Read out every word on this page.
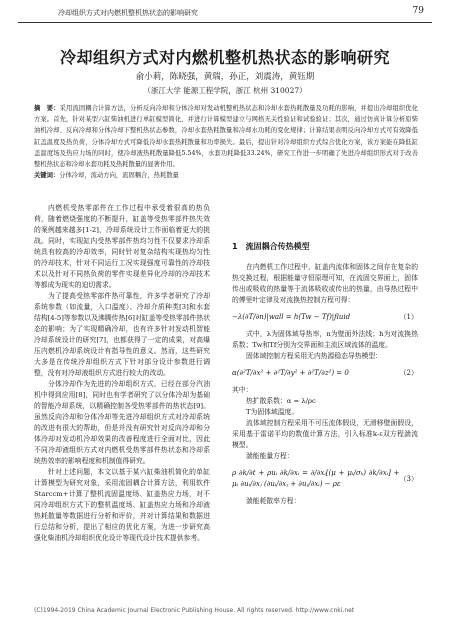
冷却组织方式对内燃机整机热状态的影响研究	79
冷却组织方式对内燃机整机热状态的影响研究
俞小莉，陈晓强，黄瑞，孙正，刘震涛，黄钰期
（浙江大学 能源工程学院，浙江 杭州 310027）
摘　要：采用流固耦合计算方法，分析反向冷却和分体冷却对发动机整机热状态和冷却水套热耗散量及功耗的影响，并提出冷却组织优化方案。首先，针对某型六缸柴油机进行单缸模型简化，并进行计算模型建立与网格无关性验证和试验验证；其次，通过仿真计算分析原柴油机冷却、反向冷却和分体冷却下整机热状态参数，冷却水套热耗散量和冷却水功耗的变化规律；计算结果表明反向冷却方式可有效降低缸盖温度及热负荷，分体冷却方式可降低冷却水套热耗散量和功率损失。最后，提出针对冷却组织方式综合优化方案，该方案能在降低缸盖温度场及热应力场的同时，使冷却液热耗散量降低5.54%，水套功耗降低33.24%，研究工作进一步明确了先进冷却组织形式对于改善整机热状态和冷却水套功耗及热耗散量的显著作用。
关键词：分体冷却，流动方向，流固耦合，热耗散量

内燃机受热零部件在工作过程中承受着很高的热负荷，随着燃烧强度的不断提升，缸盖等受热零部件热失效的案例越来越多[1-2]，冷却系统设计工作面临着更大的挑战。同时，实现缸内受热零部件热均匀性不仅要求冷却系统具有较高的冷却效率，同时针对复杂结构实现热均匀性的冷却技术，针对不同运行工况实现强度可靠性的冷却技术以及针对不同热负荷的零件实现差异化冷却的冷却技术等都成为现实的迫切需求。

为了提高受热零部件热可靠性，许多学者研究了冷却系统参数（如流量，入口温度）、冷却介质种类[3]和水套结构[4-5]等参数以及沸腾传热[6]对缸盖等受热零部件热状态的影响；为了实现精确冷却，也有许多针对发动机智能冷却系统设计的研究[7]，也都获得了一定的成果，对高爆压内燃机冷却系统设计有指导性的意义。然而，这些研究大多是在传统冷却组织方式下针对部分设计参数进行调整，没有对冷却液组织方式进行较大的改动。

分体冷却作为先进的冷却组织方式，已经在部分汽油机中得到应用[8]，同时也有学者研究了以分体冷却为基础的智能冷却系统，以精确控制各受热零部件的热状态[9]。虽然反向冷却和分体冷却等先进冷却组织方式对冷却系统的改进有很大的帮助，但是并没有研究针对反向冷却和分体冷却对发动机冷却效果的改善程度进行全面对比，因此不同冷却液组织方式对内燃机受热零部件热状态和冷却系统热效率的影响程度和机制值得研究。

针对上述问题，本文以基于某六缸柴油机简化的单缸计算模型为研究对象，采用流固耦合计算方法，利用软件Starccm+计算了整机流固温度场、缸盖热应力场，对不同冷却组织方式下的整机温度场、缸盖热应力场和冷却液热耗散量等数据进行分析和评价，并对计算结果和数据进行总结和分析，提出了相应的优化方案，为进一步研究高强化柴油机冷却组织优化设计等现代设计技术提供参考。

1　流固耦合传热模型

在内燃机工作过程中，缸盖内流体和固体之间存在复杂的热交换过程，根据能量守恒原理可知，在流固交界面上，固体传出或吸收的热量等于流体吸收或传出的热量，由导热过程中的傅里叶定律及对流换热控制方程可得：

−λ(∂T/∂n)|wall = h(Tw − Tf)|fluid	（1）

式中，λ为固体域导热率，n为壁面外法线；h为对流换热系数；Tw和Tf分别为交界面和主流区域流体的温度。

固体域控制方程采用无内热源稳态导热模型：

α(∂²T/∂x² + ∂²T/∂y² + ∂²T/∂z²) = 0	（2）

其中：

热扩散系数：α = λ/ρc

T为固体域温度。

流体域控制方程采用不可压流体假设，无滑移壁面假设，采用基于雷诺平均的数值计算方法，引入标准k-ε双方程湍流模型。

湍能能量方程：

ρ ∂k/∂t + ρuᵢ ∂k/∂xᵢ = ∂/∂xᵢ[(μ + μₜ/σₖ) ∂k/∂xᵢ] + μₜ ∂uᵢ/∂xⱼ (∂uᵢ/∂xⱼ + ∂uⱼ/∂xᵢ) − ρε
（3）

湍能耗散率方程：

(C)1994-2019 China Academic Journal Electronic Publishing House. All rights reserved. http://www.cnki.net
